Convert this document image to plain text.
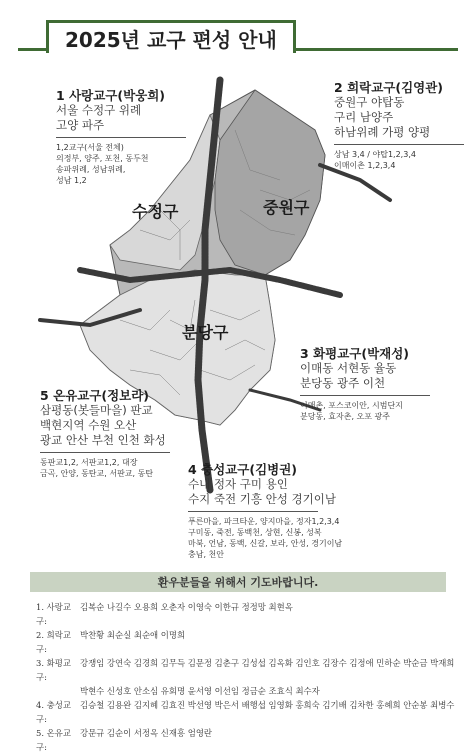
2025년 교구 편성 안내
수정구	중원구
분당구
1 사랑교구(박웅희)
서울 수정구 위례
고양 파주
1,2교구(서울 전체)
의정부, 양주, 포천, 동두천
송파위례, 성남위례,
성남 1,2
2 희락교구(김영관)
중원구 야탑동
구리 남양주
하남위례 가평 양평
상남 3,4 / 야탑1,2,3,4
이매이촌 1,2,3,4
3 화평교구(박재성)
이매동 서현동 율동
분당동 광주 이천
이매촌, 포스코이안, 시범단지
분당동, 효자촌, 오포 광주
5 온유교구(정보라)
삼평동(봇들마을) 판교
백현지역 수원 오산
광교 안산 부천 인천 화성
동판교1,2, 서판교1,2, 대장
금곡, 안양, 동탄교, 서판교, 동탄	4 충성교구(김병권)
수내 정자 구미 용인
수지 죽전 기흥 안성 경기이남
푸른마을, 파크타운, 양지마을, 정자1,2,3,4
구미동, 죽전, 동백천, 상현, 신봉, 성복
마북, 언남, 동백, 신갈, 보라, 안성, 경기이남
충남, 천안
환우분들을 위해서 기도바랍니다.
1. 사랑교구:
김복순 나길수 오용희 오춘자 이영숙 이한규 정정망 최현옥
2. 희락교구:
박찬황 최순실 최순애 이명희
3. 화평교구:
강쟁임 강연숙 김경희 김무득 김문정 김춘구 김성섭 김옥화 김인호 김장수 김정애 민하순 박순금 박재희
박현수 신성호 안소심 유회명 윤서영 이선임 정금순 조효식 최수자
4. 충성교구:
김승철 김용완 김지혜 김효진 박선영 박은서 배행섭 임영화 홍희숙 김기배 김차한 홍혜희 안순봉 최병수
5. 온유교구:
강문규 김순이 서정옥 신재흥 엄영란
